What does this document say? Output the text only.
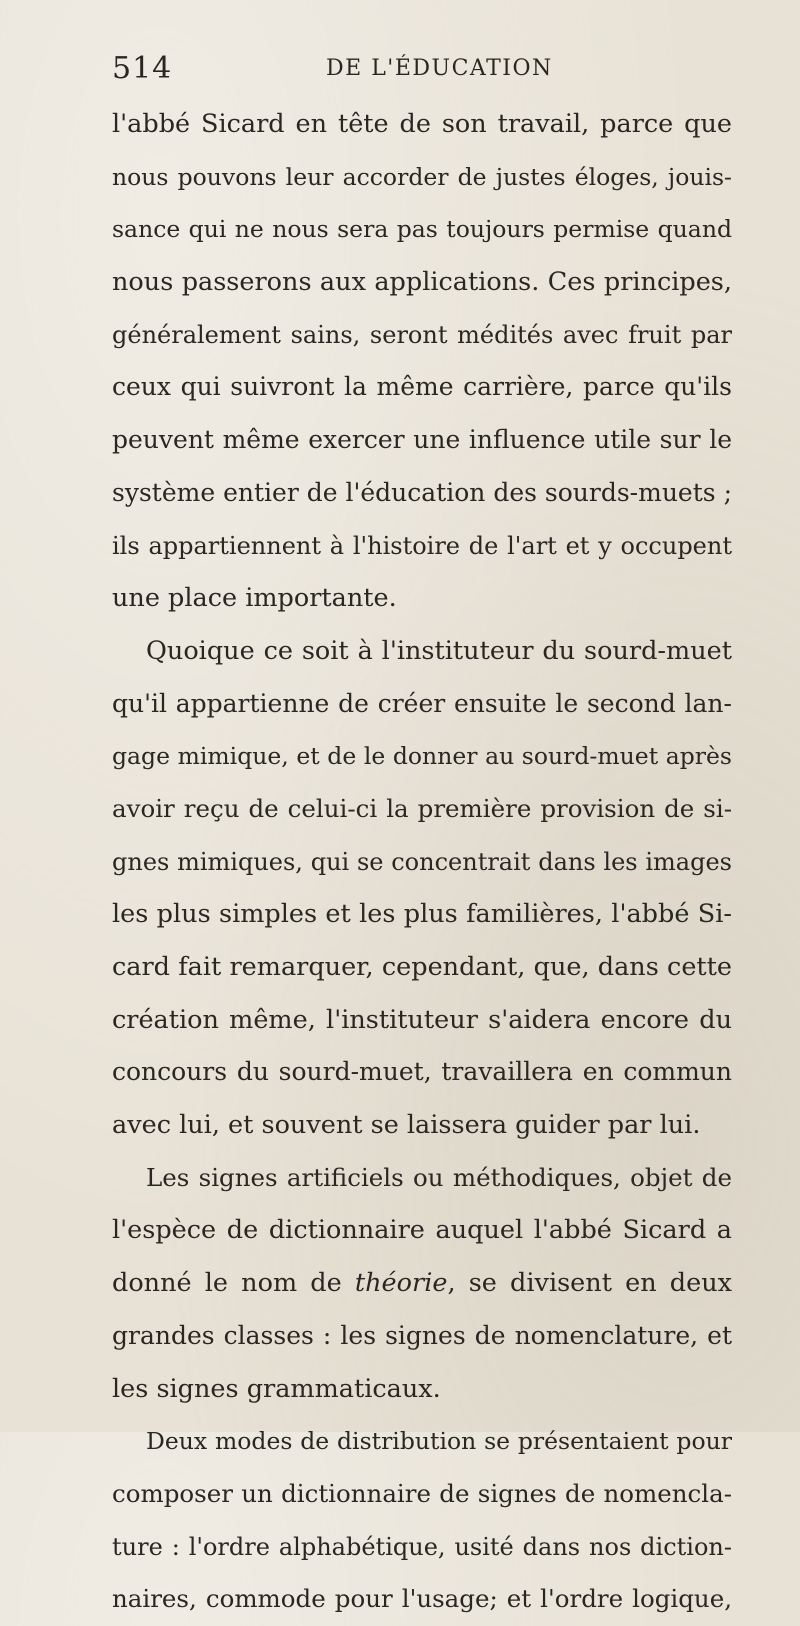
514	DE L'ÉDUCATION
l'abbé Sicard en tête de son travail, parce que
nous pouvons leur accorder de justes éloges, jouis-
sance qui ne nous sera pas toujours permise quand
nous passerons aux applications. Ces principes,
généralement sains, seront médités avec fruit par
ceux qui suivront la même carrière, parce qu'ils
peuvent même exercer une influence utile sur le
système entier de l'éducation des sourds-muets ;
ils appartiennent à l'histoire de l'art et y occupent
une place importante.
Quoique ce soit à l'instituteur du sourd-muet
qu'il appartienne de créer ensuite le second lan-
gage mimique, et de le donner au sourd-muet après
avoir reçu de celui-ci la première provision de si-
gnes mimiques, qui se concentrait dans les images
les plus simples et les plus familières, l'abbé Si-
card fait remarquer, cependant, que, dans cette
création même, l'instituteur s'aidera encore du
concours du sourd-muet, travaillera en commun
avec lui, et souvent se laissera guider par lui.
Les signes artificiels ou méthodiques, objet de
l'espèce de dictionnaire auquel l'abbé Sicard a
donné le nom de théorie, se divisent en deux
grandes classes : les signes de nomenclature, et
les signes grammaticaux.
Deux modes de distribution se présentaient pour
composer un dictionnaire de signes de nomencla-
ture : l'ordre alphabétique, usité dans nos diction-
naires, commode pour l'usage; et l'ordre logique,
